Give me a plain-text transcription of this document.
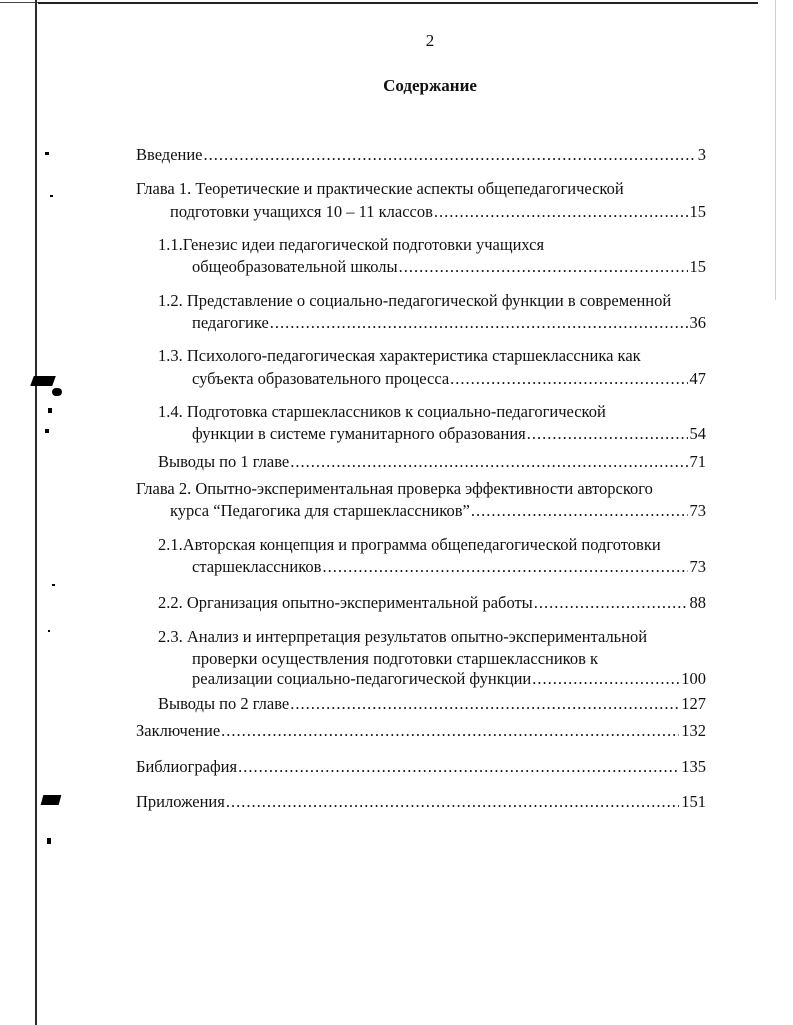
2
Содержание
Введение .....	3
Глава 1. Теоретические и практические аспекты общепедагогической
подготовки учащихся 10 – 11 классов .....	15
1.1.Генезис идеи педагогической подготовки учащихся
общеобразовательной школы .....	15
1.2. Представление о социально-педагогической функции в современной
педагогике .....	36
1.3. Психолого-педагогическая характеристика старшеклассника как
субъекта образовательного процесса .....	47
1.4. Подготовка старшеклассников к социально-педагогической
функции в системе гуманитарного образования .....	54
Выводы по 1 главе .....	71
Глава 2. Опытно-экспериментальная проверка эффективности авторского
курса “Педагогика для старшеклассников” .....	73
2.1.Авторская концепция и программа общепедагогической подготовки
старшеклассников .....	73
2.2. Организация опытно-экспериментальной работы .....	88
2.3. Анализ и интерпретация результатов опытно-экспериментальной
проверки осуществления подготовки старшеклассников к
реализации социально-педагогической функции .....	100
Выводы по 2 главе .....	127
Заключение .....	132
Библиография .....	135
Приложения .....	151
